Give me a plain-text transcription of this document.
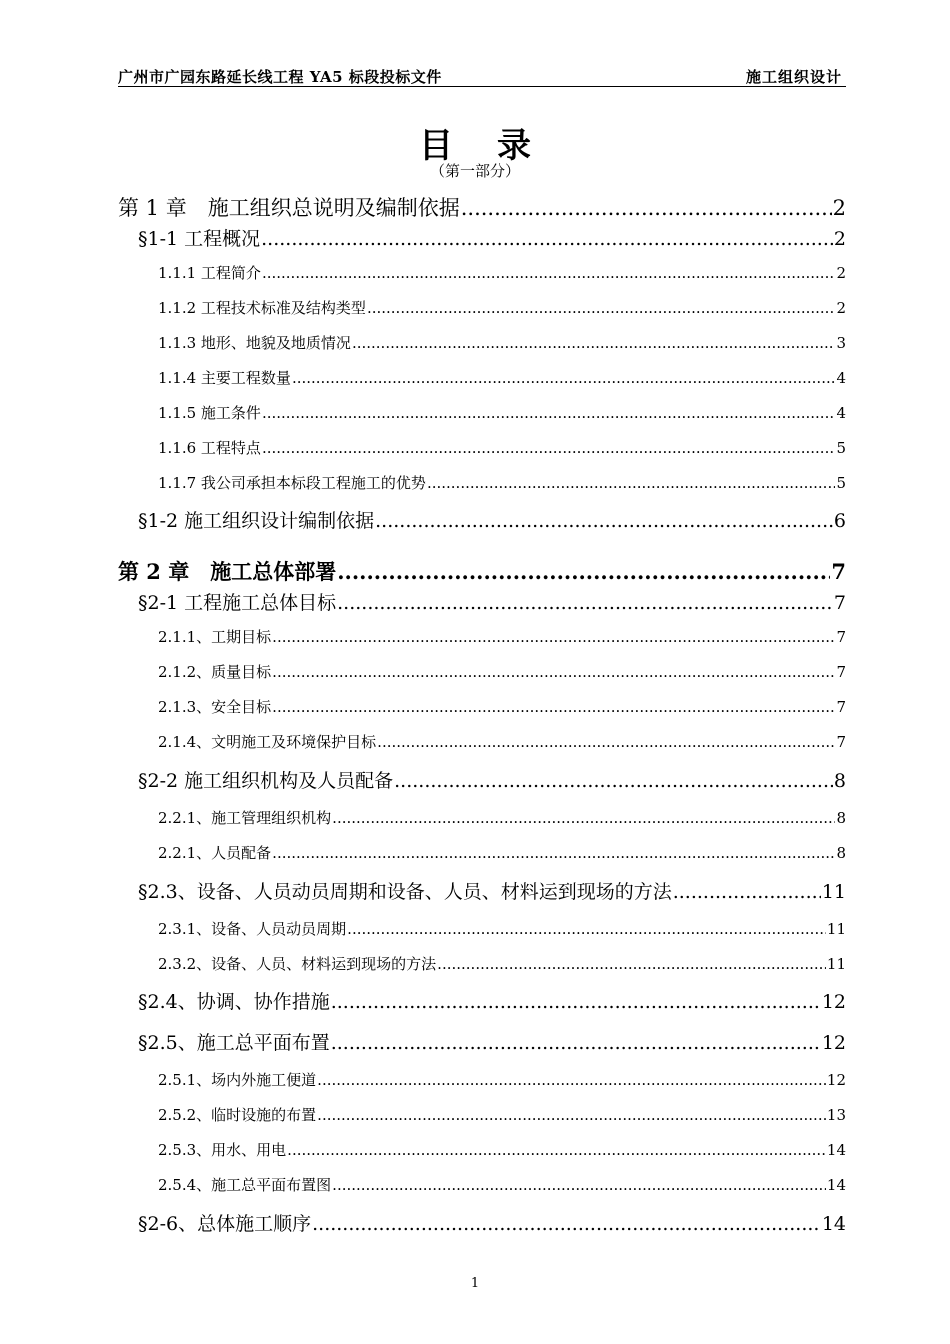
广州市广园东路延长线工程 YA5 标段投标文件	施工组织设计
目录
（第一部分）
第 1 章　施工组织总说明及编制依据 .....	2
§1-1 工程概况 .....	2
1.1.1 工程简介 .....	2
1.1.2 工程技术标准及结构类型 .....	2
1.1.3 地形、地貌及地质情况 .....	3
1.1.4 主要工程数量 .....	4
1.1.5 施工条件 .....	4
1.1.6 工程特点 .....	5
1.1.7 我公司承担本标段工程施工的优势 .....	5
§1-2 施工组织设计编制依据 .....	6
第 2 章　施工总体部署 .....	7
§2-1 工程施工总体目标 .....	7
2.1.1、工期目标 .....	7
2.1.2、质量目标 .....	7
2.1.3、安全目标 .....	7
2.1.4、文明施工及环境保护目标 .....	7
§2-2 施工组织机构及人员配备 .....	8
2.2.1、施工管理组织机构 .....	8
2.2.1、人员配备 .....	8
§2.3、设备、人员动员周期和设备、人员、材料运到现场的方法 .....	11
2.3.1、设备、人员动员周期 .....	11
2.3.2、设备、人员、材料运到现场的方法 .....	11
§2.4、协调、协作措施 .....	12
§2.5、施工总平面布置 .....	12
2.5.1、场内外施工便道 .....	12
2.5.2、临时设施的布置 .....	13
2.5.3、用水、用电 .....	14
2.5.4、施工总平面布置图 .....	14
§2-6、总体施工顺序 .....	14
1
